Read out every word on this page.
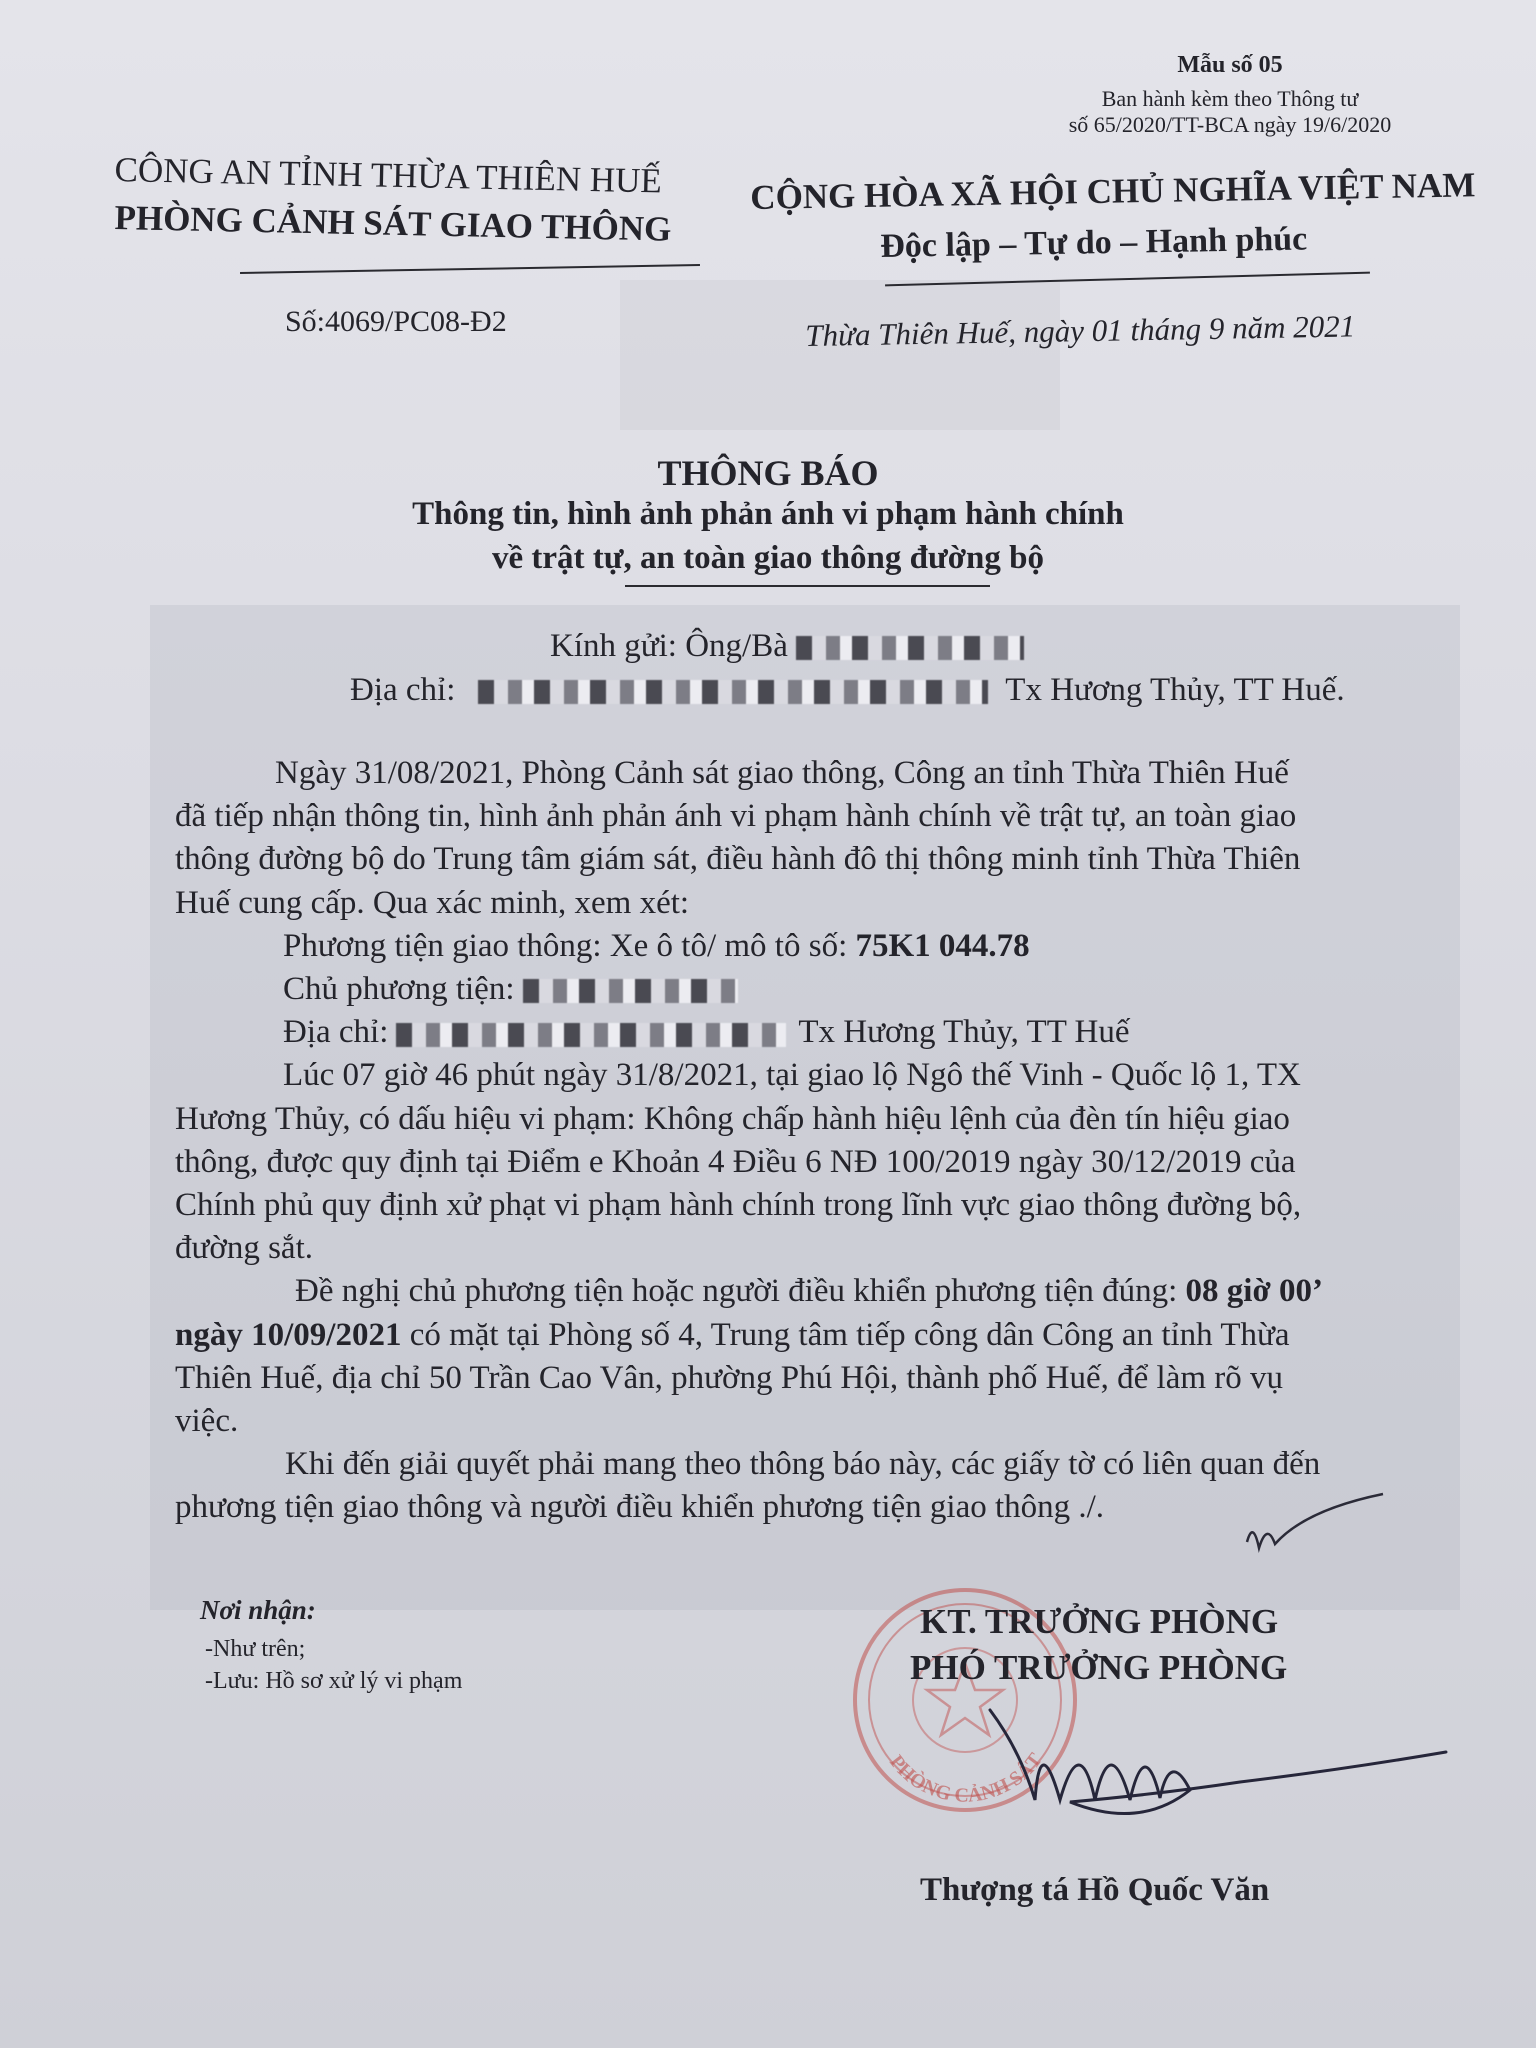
Mẫu số 05
Ban hành kèm theo Thông tư
số 65/2020/TT-BCA ngày 19/6/2020
CÔNG AN TỈNH THỪA THIÊN HUẾ
PHÒNG CẢNH SÁT GIAO THÔNG
Số:4069/PC08-Đ2
CỘNG HÒA XÃ HỘI CHỦ NGHĨA VIỆT NAM
Độc lập – Tự do – Hạnh phúc
Thừa Thiên Huế, ngày 01 tháng 9 năm 2021
THÔNG BÁO
Thông tin, hình ảnh phản ánh vi phạm hành chính
về trật tự, an toàn giao thông đường bộ
Kính gửi: Ông/Bà
Địa chỉ:	Tx Hương Thủy, TT Huế.

Ngày 31/08/2021, Phòng Cảnh sát giao thông, Công an tỉnh Thừa Thiên Huế

đã tiếp nhận thông tin, hình ảnh phản ánh vi phạm hành chính về trật tự, an toàn giao

thông đường bộ do Trung tâm giám sát, điều hành đô thị thông minh tỉnh Thừa Thiên

Huế cung cấp. Qua xác minh, xem xét:

Phương tiện giao thông: Xe ô tô/ mô tô số: 75K1 044.78

Chủ phương tiện:

Địa chỉ:	Tx Hương Thủy, TT Huế

Lúc 07 giờ 46 phút ngày 31/8/2021, tại giao lộ Ngô thế Vinh - Quốc lộ 1, TX

Hương Thủy, có dấu hiệu vi phạm: Không chấp hành hiệu lệnh của đèn tín hiệu giao

thông, được quy định tại Điểm e Khoản 4 Điều 6 NĐ 100/2019 ngày 30/12/2019 của

Chính phủ quy định xử phạt vi phạm hành chính trong lĩnh vực giao thông đường bộ,

đường sắt.

Đề nghị chủ phương tiện hoặc người điều khiển phương tiện đúng: 08 giờ 00’

ngày 10/09/2021 có mặt tại Phòng số 4, Trung tâm tiếp công dân Công an tỉnh Thừa

Thiên Huế, địa chỉ 50 Trần Cao Vân, phường Phú Hội, thành phố Huế, để làm rõ vụ

việc.

Khi đến giải quyết phải mang theo thông báo này, các giấy tờ có liên quan đến

phương tiện giao thông và người điều khiển phương tiện giao thông ./.

Nơi nhận:
-Như trên;
-Lưu: Hồ sơ xử lý vi phạm
PHÒNG CẢNH SÁT
KT. TRƯỞNG PHÒNG
PHÓ TRƯỞNG PHÒNG
Thượng tá Hồ Quốc Văn
